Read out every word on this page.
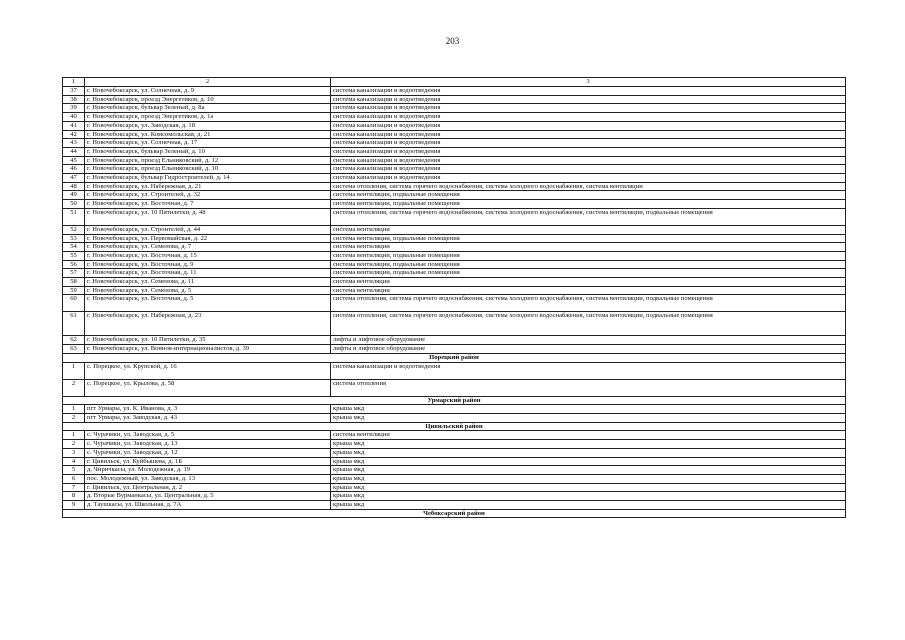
203
1	2	3
37	г. Новочебоксарск, ул. Солнечная, д. 9	система канализации и водоотведения
38	г. Новочебоксарск, проезд Энергетиков, д. 10	система канализации и водоотведения
39	г. Новочебоксарск, бульвар Зеленый, д. 8а	система канализации и водоотведения
40	г. Новочебоксарск, проезд Энергетиков, д. 1а	система канализации и водоотведения
41	г. Новочебоксарск, ул. Заводская, д. 18	система канализации и водоотведения
42	г. Новочебоксарск, ул. Комсомольская, д. 21	система канализации и водоотведения
43	г. Новочебоксарск, ул. Солнечная, д. 17	система канализации и водоотведения
44	г. Новочебоксарск, бульвар Зеленый, д. 10	система канализации и водоотведения
45	г. Новочебоксарск, проезд Ельниковский, д. 12	система канализации и водоотведения
46	г. Новочебоксарск, проезд Ельниковский, д. 10	система канализации и водоотведения
47	г. Новочебоксарск, бульвар Гидростроителей, д. 14	система канализации и водоотведения
48	г. Новочебоксарск, ул. Набережная, д. 21	система отопления, система горячего водоснабжения, система холодного водоснабжения, система вентиляции
49	г. Новочебоксарск, ул. Строителей, д. 32	система вентиляции, подвальные помещения
50	г. Новочебоксарск, ул. Восточная, д. 7	система вентиляции, подвальные помещения
51	г. Новочебоксарск, ул. 10 Пятилетки, д. 48	система отопления, система горячего водоснабжения, система холодного водоснабжения, система вентиляции, подвальные помещения
52	г. Новочебоксарск, ул. Строителей, д. 44	система вентиляции
53	г. Новочебоксарск, ул. Первомайская, д. 22	система вентиляции, подвальные помещения
54	г. Новочебоксарск, ул. Семенова, д. 7	система вентиляции
55	г. Новочебоксарск, ул. Восточная, д. 15	система вентиляции, подвальные помещения
56	г. Новочебоксарск, ул. Восточная, д. 9	система вентиляции, подвальные помещения
57	г. Новочебоксарск, ул. Восточная, д. 11	система вентиляции, подвальные помещения
58	г. Новочебоксарск, ул. Семенова, д. 11	система вентиляции
59	г. Новочебоксарск, ул. Семенова, д. 5	система вентиляции
60	г. Новочебоксарск, ул. Восточная, д. 5	система отопления, система горячего водоснабжения, система холодного водоснабжения, система вентиляции, подвальные помещения
61	г. Новочебоксарск, ул. Набережная, д. 23	система отопления, система горячего водоснабжения, система холодного водоснабжения, система вентиляции, подвальные помещения
62	г. Новочебоксарск, ул. 10 Пятилетки, д. 35	лифты и лифтовое оборудование
63	г. Новочебоксарск, ул. Воинов-интернационалистов, д. 39	лифты и лифтовое оборудование
Порецкий район		
1	с. Порецкое, ул. Крупской, д. 16	система канализации и водоотведения
2	с. Порецкое, ул. Крылова, д. 58	система отопления
Урмарский район		
1	пгт Урмары, ул. К. Иванова, д. 3	крыша мкд
2	пгт Урмары, ул. Заводская, д. 43	крыша мкд
Цивильский район		
1	с. Чурачики, ул. Заводская, д. 5	система вентиляции
2	с. Чурачики, ул. Заводская, д. 13	крыша мкд
3	с. Чурачики, ул. Заводская, д. 12	крыша мкд
4	г. Цивильск, ул. Куйбышева, д. 1Б	крыша мкд
5	д. Чиричкасы, ул. Молодежная, д. 19	крыша мкд
6	пос. Молодежный, ул. Заводская, д. 13	крыша мкд
7	г. Цивильск, ул. Центральная, д. 2	крыша мкд
8	д. Вторые Вурманкасы, ул. Центральная, д. 5	крыша мкд
9	д. Таушкасы, ул. Школьная, д. 7А	крыша мкд
Чебоксарский район		
